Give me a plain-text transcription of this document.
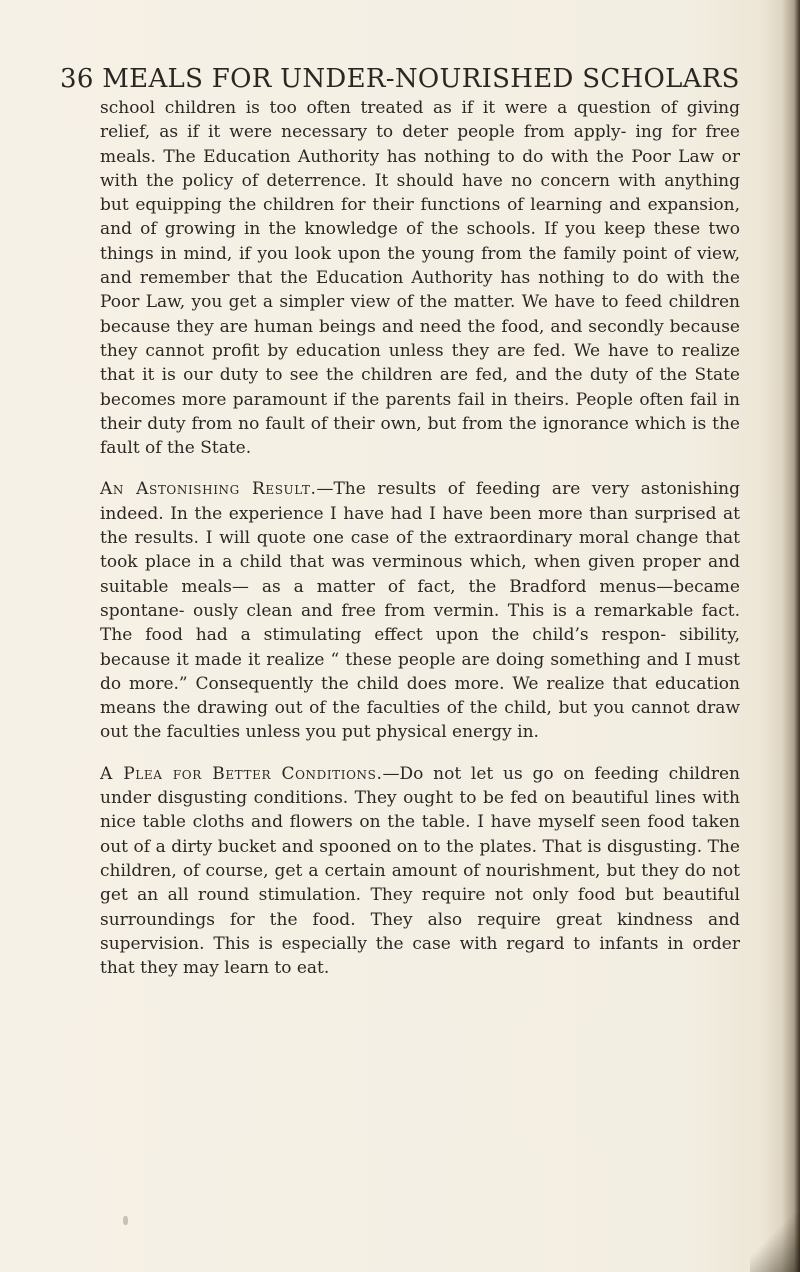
36 MEALS FOR UNDER-NOURISHED SCHOLARS

school children is too often treated as if it were a question of giving relief, as if it were necessary to deter people from apply- ing for free meals. The Education Authority has nothing to do with the Poor Law or with the policy of deterrence. It should have no concern with anything but equipping the children for their functions of learning and expansion, and of growing in the knowledge of the schools. If you keep these two things in mind, if you look upon the young from the family point of view, and remember that the Education Authority has nothing to do with the Poor Law, you get a simpler view of the matter. We have to feed children because they are human beings and need the food, and secondly because they cannot profit by education unless they are fed. We have to realize that it is our duty to see the children are fed, and the duty of the State becomes more paramount if the parents fail in theirs. People often fail in their duty from no fault of their own, but from the ignorance which is the fault of the State.

An Astonishing Result.—The results of feeding are very astonishing indeed. In the experience I have had I have been more than surprised at the results. I will quote one case of the extraordinary moral change that took place in a child that was verminous which, when given proper and suitable meals— as a matter of fact, the Bradford menus—became spontane- ously clean and free from vermin. This is a remarkable fact. The food had a stimulating effect upon the child’s respon- sibility, because it made it realize “ these people are doing something and I must do more.” Consequently the child does more. We realize that education means the drawing out of the faculties of the child, but you cannot draw out the faculties unless you put physical energy in.

A Plea for Better Conditions.—Do not let us go on feeding children under disgusting conditions. They ought to be fed on beautiful lines with nice table cloths and flowers on the table. I have myself seen food taken out of a dirty bucket and spooned on to the plates. That is disgusting. The children, of course, get a certain amount of nourishment, but they do not get an all round stimulation. They require not only food but beautiful surroundings for the food. They also require great kindness and supervision. This is especially the case with regard to infants in order that they may learn to eat.
